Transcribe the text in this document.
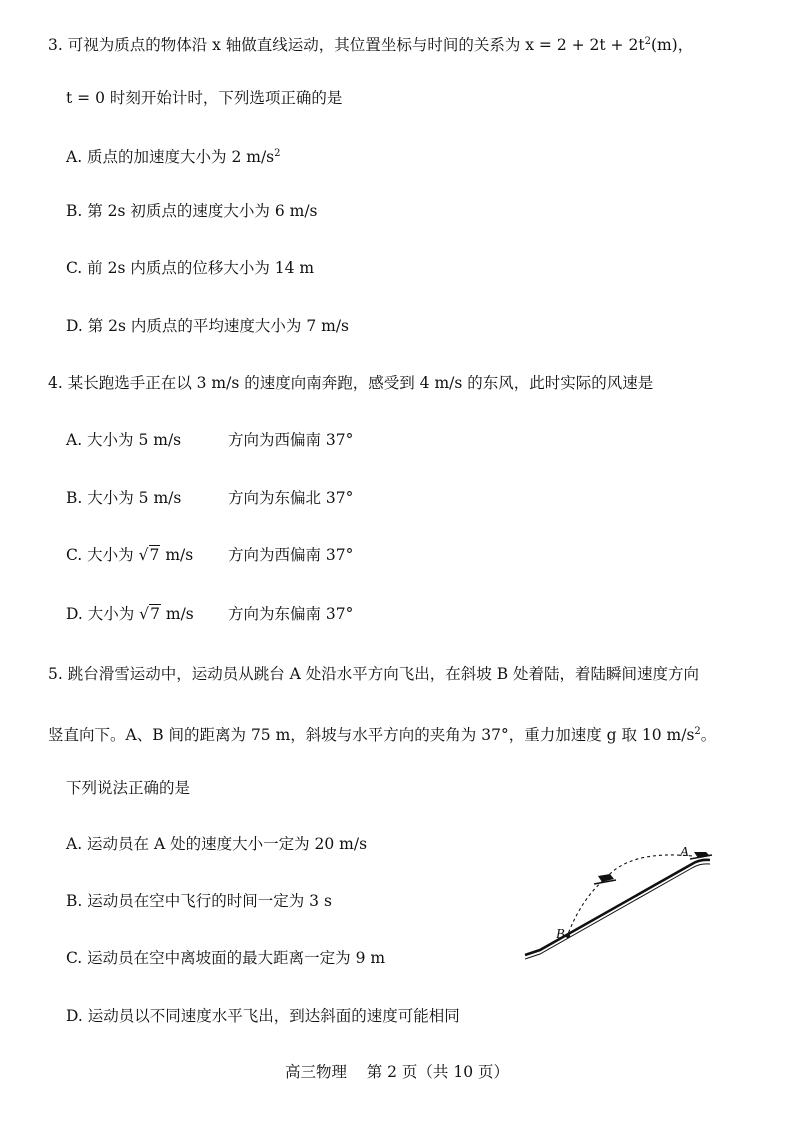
3. 可视为质点的物体沿 x 轴做直线运动，其位置坐标与时间的关系为 $x = 2 + 2t + 2t^2(m)$，
t = 0 时刻开始计时，下列选项正确的是
A. 质点的加速度大小为 2 $m/s^2$
B. 第 2s 初质点的速度大小为 6 m/s
C. 前 2s 内质点的位移大小为 14 m
D. 第 2s 内质点的平均速度大小为 7 m/s
4. 某长跑选手正在以 3 m/s 的速度向南奔跑，感受到 4 m/s 的东风，此时实际的风速是
A. 大小为 5 m/s	方向为西偏南 37°
B. 大小为 5 m/s	方向为东偏北 37°
C. 大小为 √7 m/s 方向为西偏南 37°
D. 大小为 √7 m/s 方向为东偏南 37°
5. 跳台滑雪运动中，运动员从跳台 A 处沿水平方向飞出，在斜坡 B 处着陆，着陆瞬间速度方向
竖直向下。A、B 间的距离为 75 m，斜坡与水平方向的夹角为 37°，重力加速度 g 取 10 $m/s^2$。
下列说法正确的是
A. 运动员在 A 处的速度大小一定为 20 m/s
B. 运动员在空中飞行的时间一定为 3 s
C. 运动员在空中离坡面的最大距离一定为 9 m
D. 运动员以不同速度水平飞出，到达斜面的速度可能相同
A
B
高三物理 第 2 页（共 10 页）
